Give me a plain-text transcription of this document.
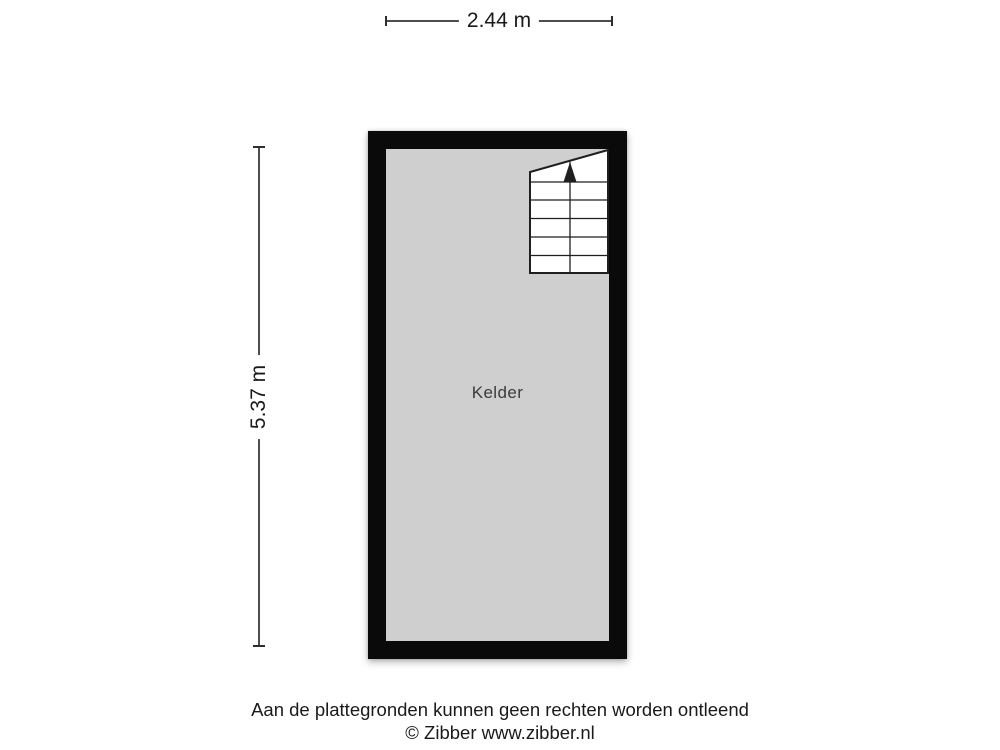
2.44 m
5.37 m	Kelder
Aan de plattegronden kunnen geen rechten worden ontleend
© Zibber www.zibber.nl
